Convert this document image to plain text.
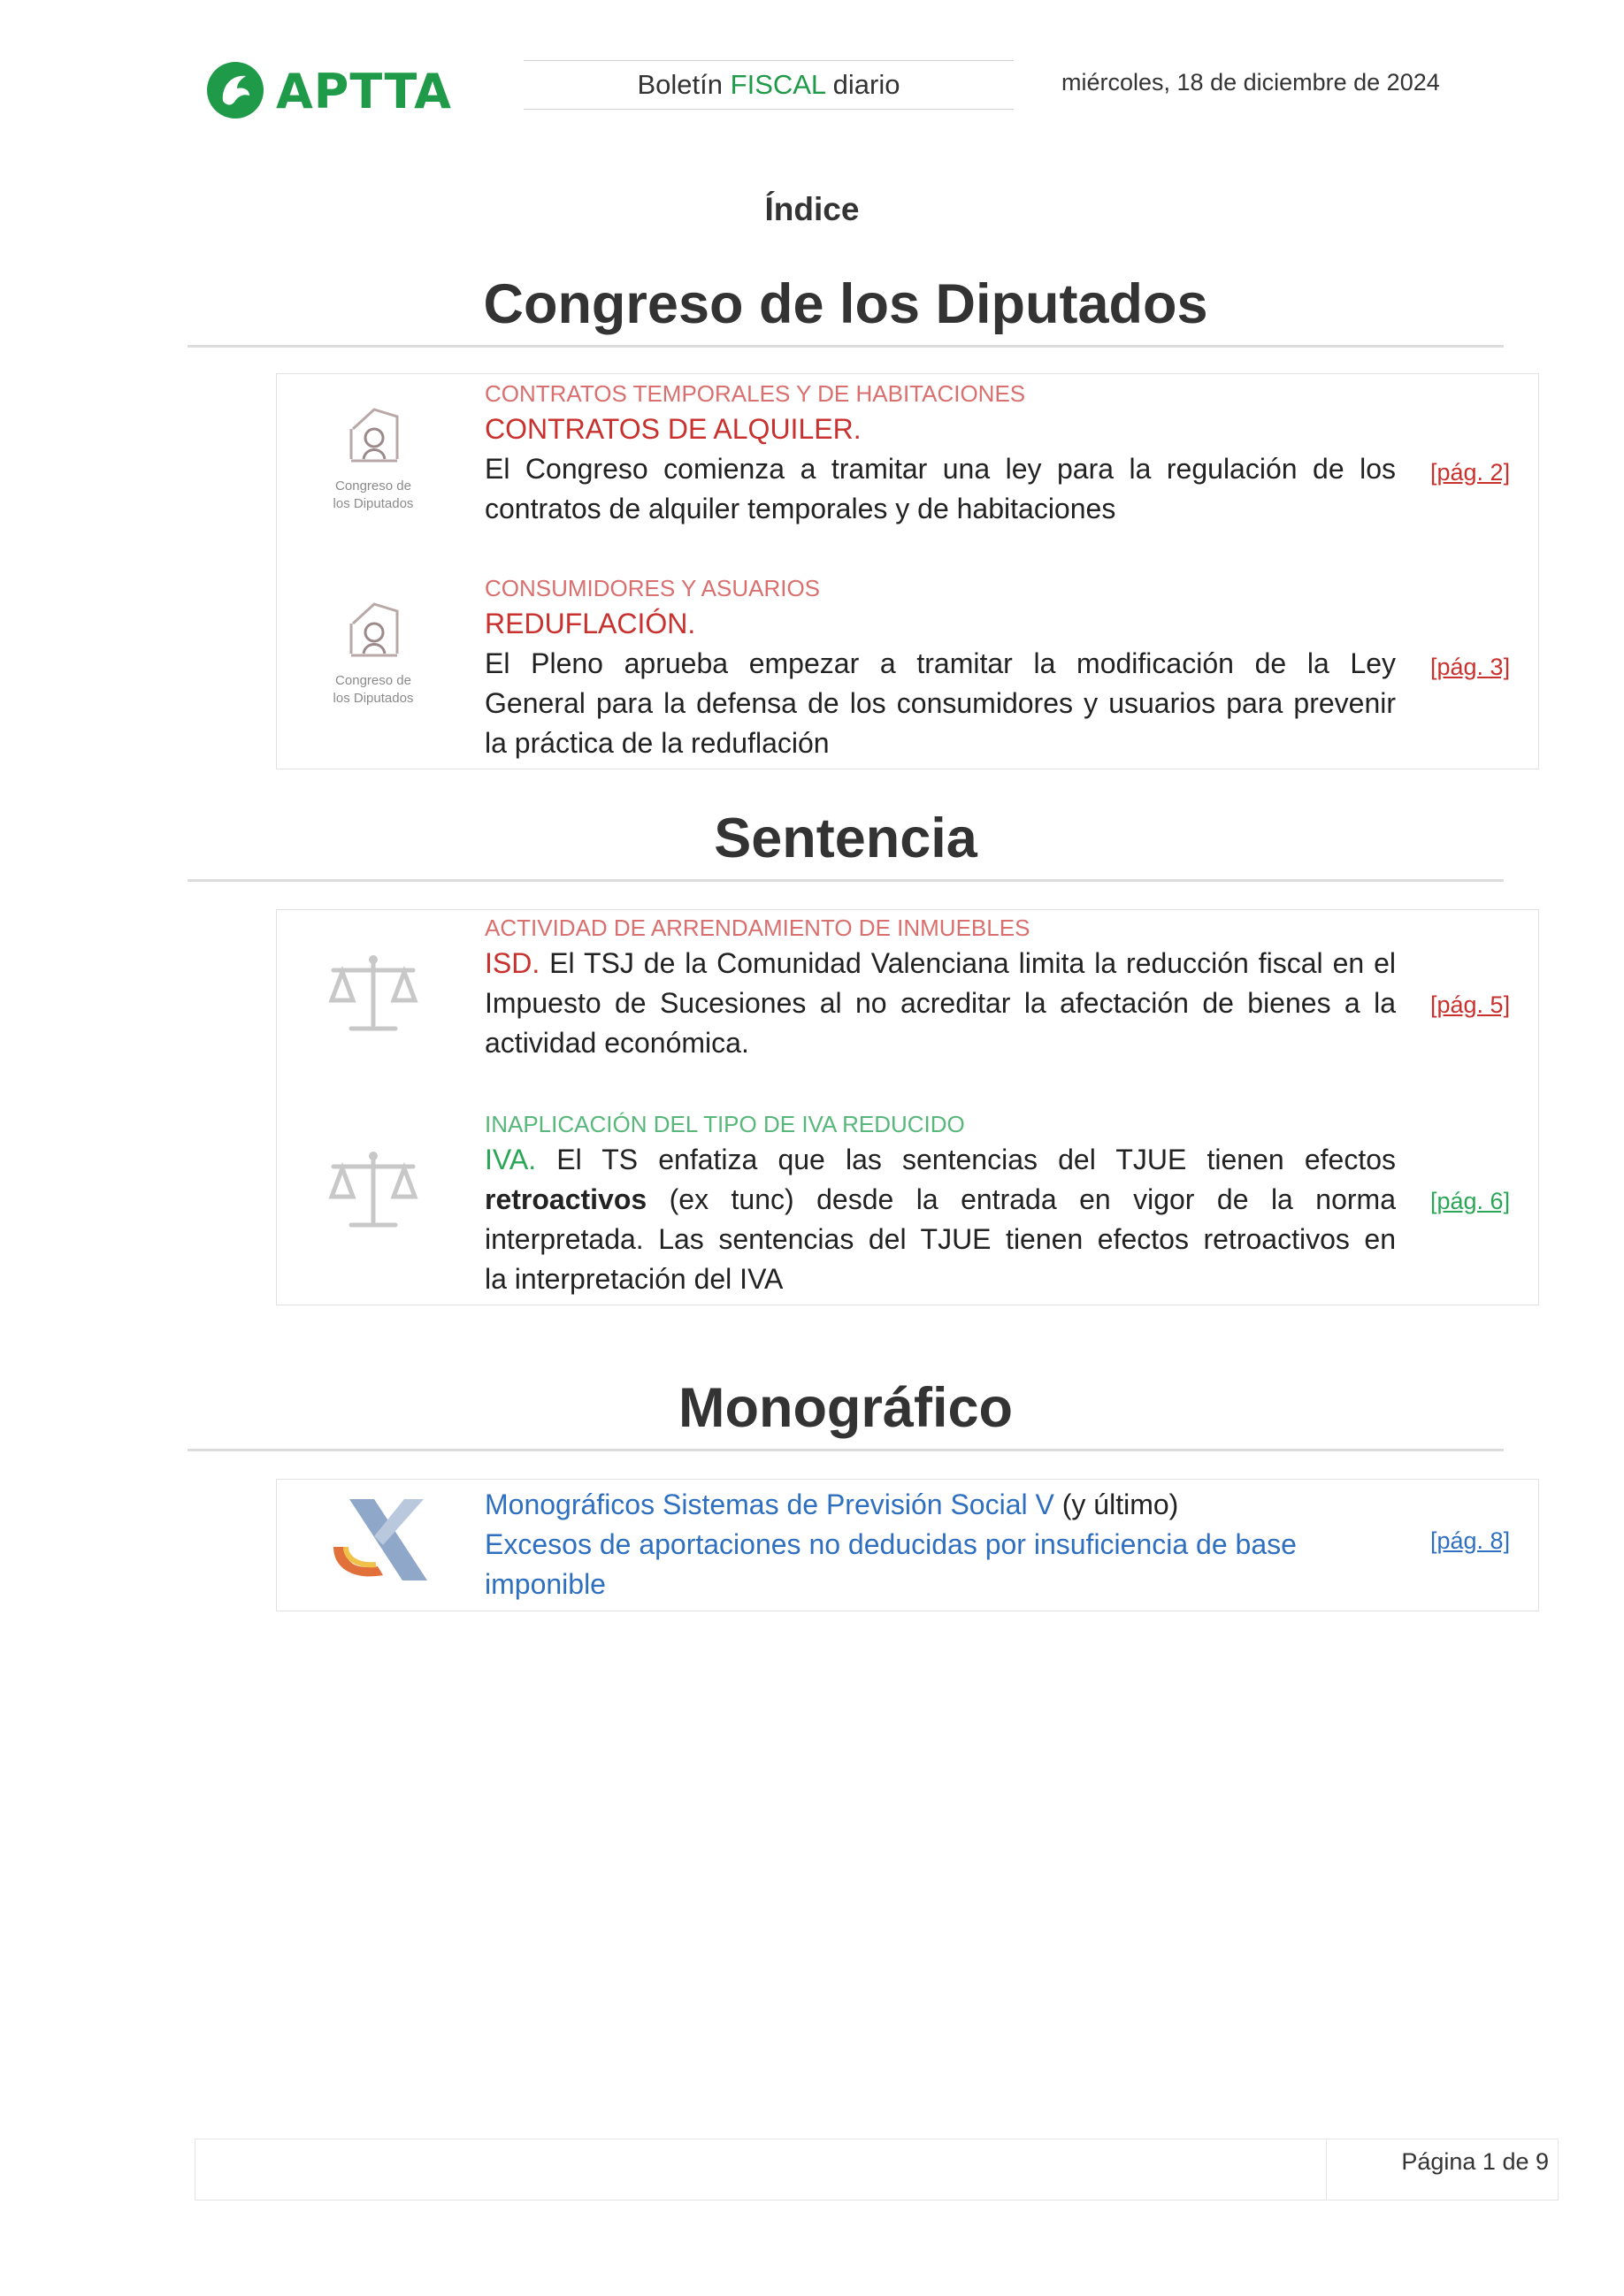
APTTA	Boletín FISCAL diario	miércoles, 18 de diciembre de 2024
Índice
Congreso de los Diputados
Congreso de
los Diputados
CONTRATOS TEMPORALES Y DE HABITACIONES
CONTRATOS DE ALQUILER.
El Congreso comienza a tramitar una ley para la regulación de los
contratos de alquiler temporales y de habitaciones
[pág. 2]
Congreso de
los Diputados
CONSUMIDORES Y ASUARIOS
REDUFLACIÓN.
El Pleno aprueba empezar a tramitar la modificación de la Ley
General para la defensa de los consumidores y usuarios para prevenir
la práctica de la reduflación
[pág. 3]
Sentencia
ACTIVIDAD DE ARRENDAMIENTO DE INMUEBLES
ISD. El TSJ de la Comunidad Valenciana limita la reducción fiscal en el
Impuesto de Sucesiones al no acreditar la afectación de bienes a la
actividad económica.
[pág. 5]
INAPLICACIÓN DEL TIPO DE IVA REDUCIDO
IVA. El TS enfatiza que las sentencias del TJUE tienen efectos
retroactivos (ex tunc) desde la entrada en vigor de la norma
interpretada. Las sentencias del TJUE tienen efectos retroactivos en
la interpretación del IVA
[pág. 6]
Monográfico
Monográficos Sistemas de Previsión Social V (y último)
Excesos de aportaciones no deducidas por insuficiencia de base
imponible
[pág. 8]
Página 1 de 9
